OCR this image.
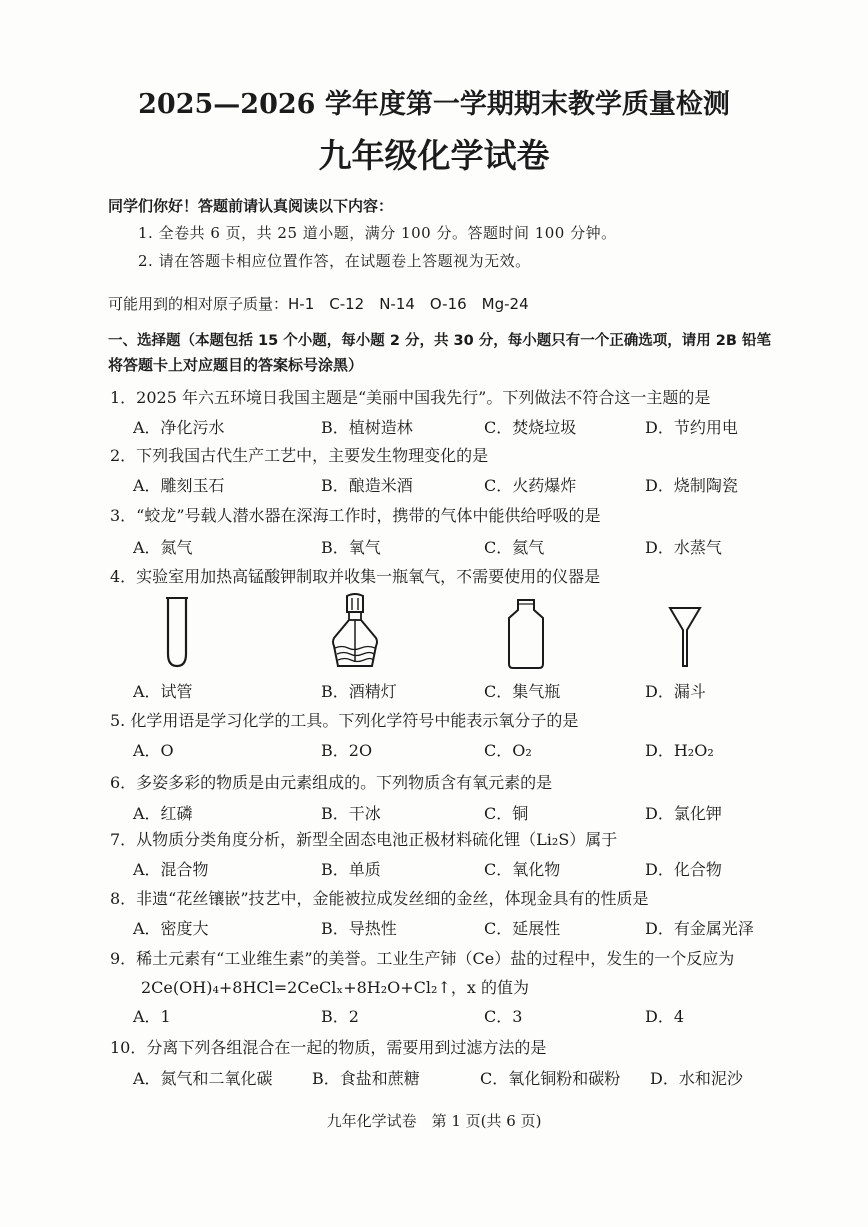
2025—2026 学年度第一学期期末教学质量检测
九年级化学试卷
同学们你好！答题前请认真阅读以下内容：
1. 全卷共 6 页，共 25 道小题，满分 100 分。答题时间 100 分钟。
2. 请在答题卡相应位置作答，在试题卷上答题视为无效。
可能用到的相对原子质量：H-1　C-12　N-14　O-16　Mg-24
一、选择题（本题包括 15 个小题，每小题 2 分，共 30 分，每小题只有一个正确选项，请用 2B 铅笔
将答题卡上对应题目的答案标号涂黑）
1．2025 年六五环境日我国主题是“美丽中国我先行”。下列做法不符合这一主题的是
A．净化污水	B．植树造林	C．焚烧垃圾	D．节约用电
2．下列我国古代生产工艺中，主要发生物理变化的是
A．雕刻玉石	B．酿造米酒	C．火药爆炸	D．烧制陶瓷
3．“蛟龙”号载人潜水器在深海工作时，携带的气体中能供给呼吸的是
A．氮气	B．氧气	C．氦气	D．水蒸气
4．实验室用加热高锰酸钾制取并收集一瓶氧气，不需要使用的仪器是
A．试管	B．酒精灯	C．集气瓶	D．漏斗
5. 化学用语是学习化学的工具。下列化学符号中能表示氧分子的是
A．O	B．2O	C．O₂	D．H₂O₂
6．多姿多彩的物质是由元素组成的。下列物质含有氧元素的是
A．红磷	B．干冰	C．铜	D．氯化钾
7．从物质分类角度分析，新型全固态电池正极材料硫化锂（Li₂S）属于
A．混合物	B．单质	C．氧化物	D．化合物
8．非遗“花丝镶嵌”技艺中，金能被拉成发丝细的金丝，体现金具有的性质是
A．密度大	B．导热性	C．延展性	D．有金属光泽
9．稀土元素有“工业维生素”的美誉。工业生产铈（Ce）盐的过程中，发生的一个反应为
2Ce(OH)₄+8HCl=2CeClₓ+8H₂O+Cl₂↑，x 的值为
A．1	B．2	C．3	D．4
10．分离下列各组混合在一起的物质，需要用到过滤方法的是
A．氮气和二氧化碳 B．食盐和蔗糖	C．氧化铜粉和碳粉 D．水和泥沙
九年化学试卷　第 1 页(共 6 页)
